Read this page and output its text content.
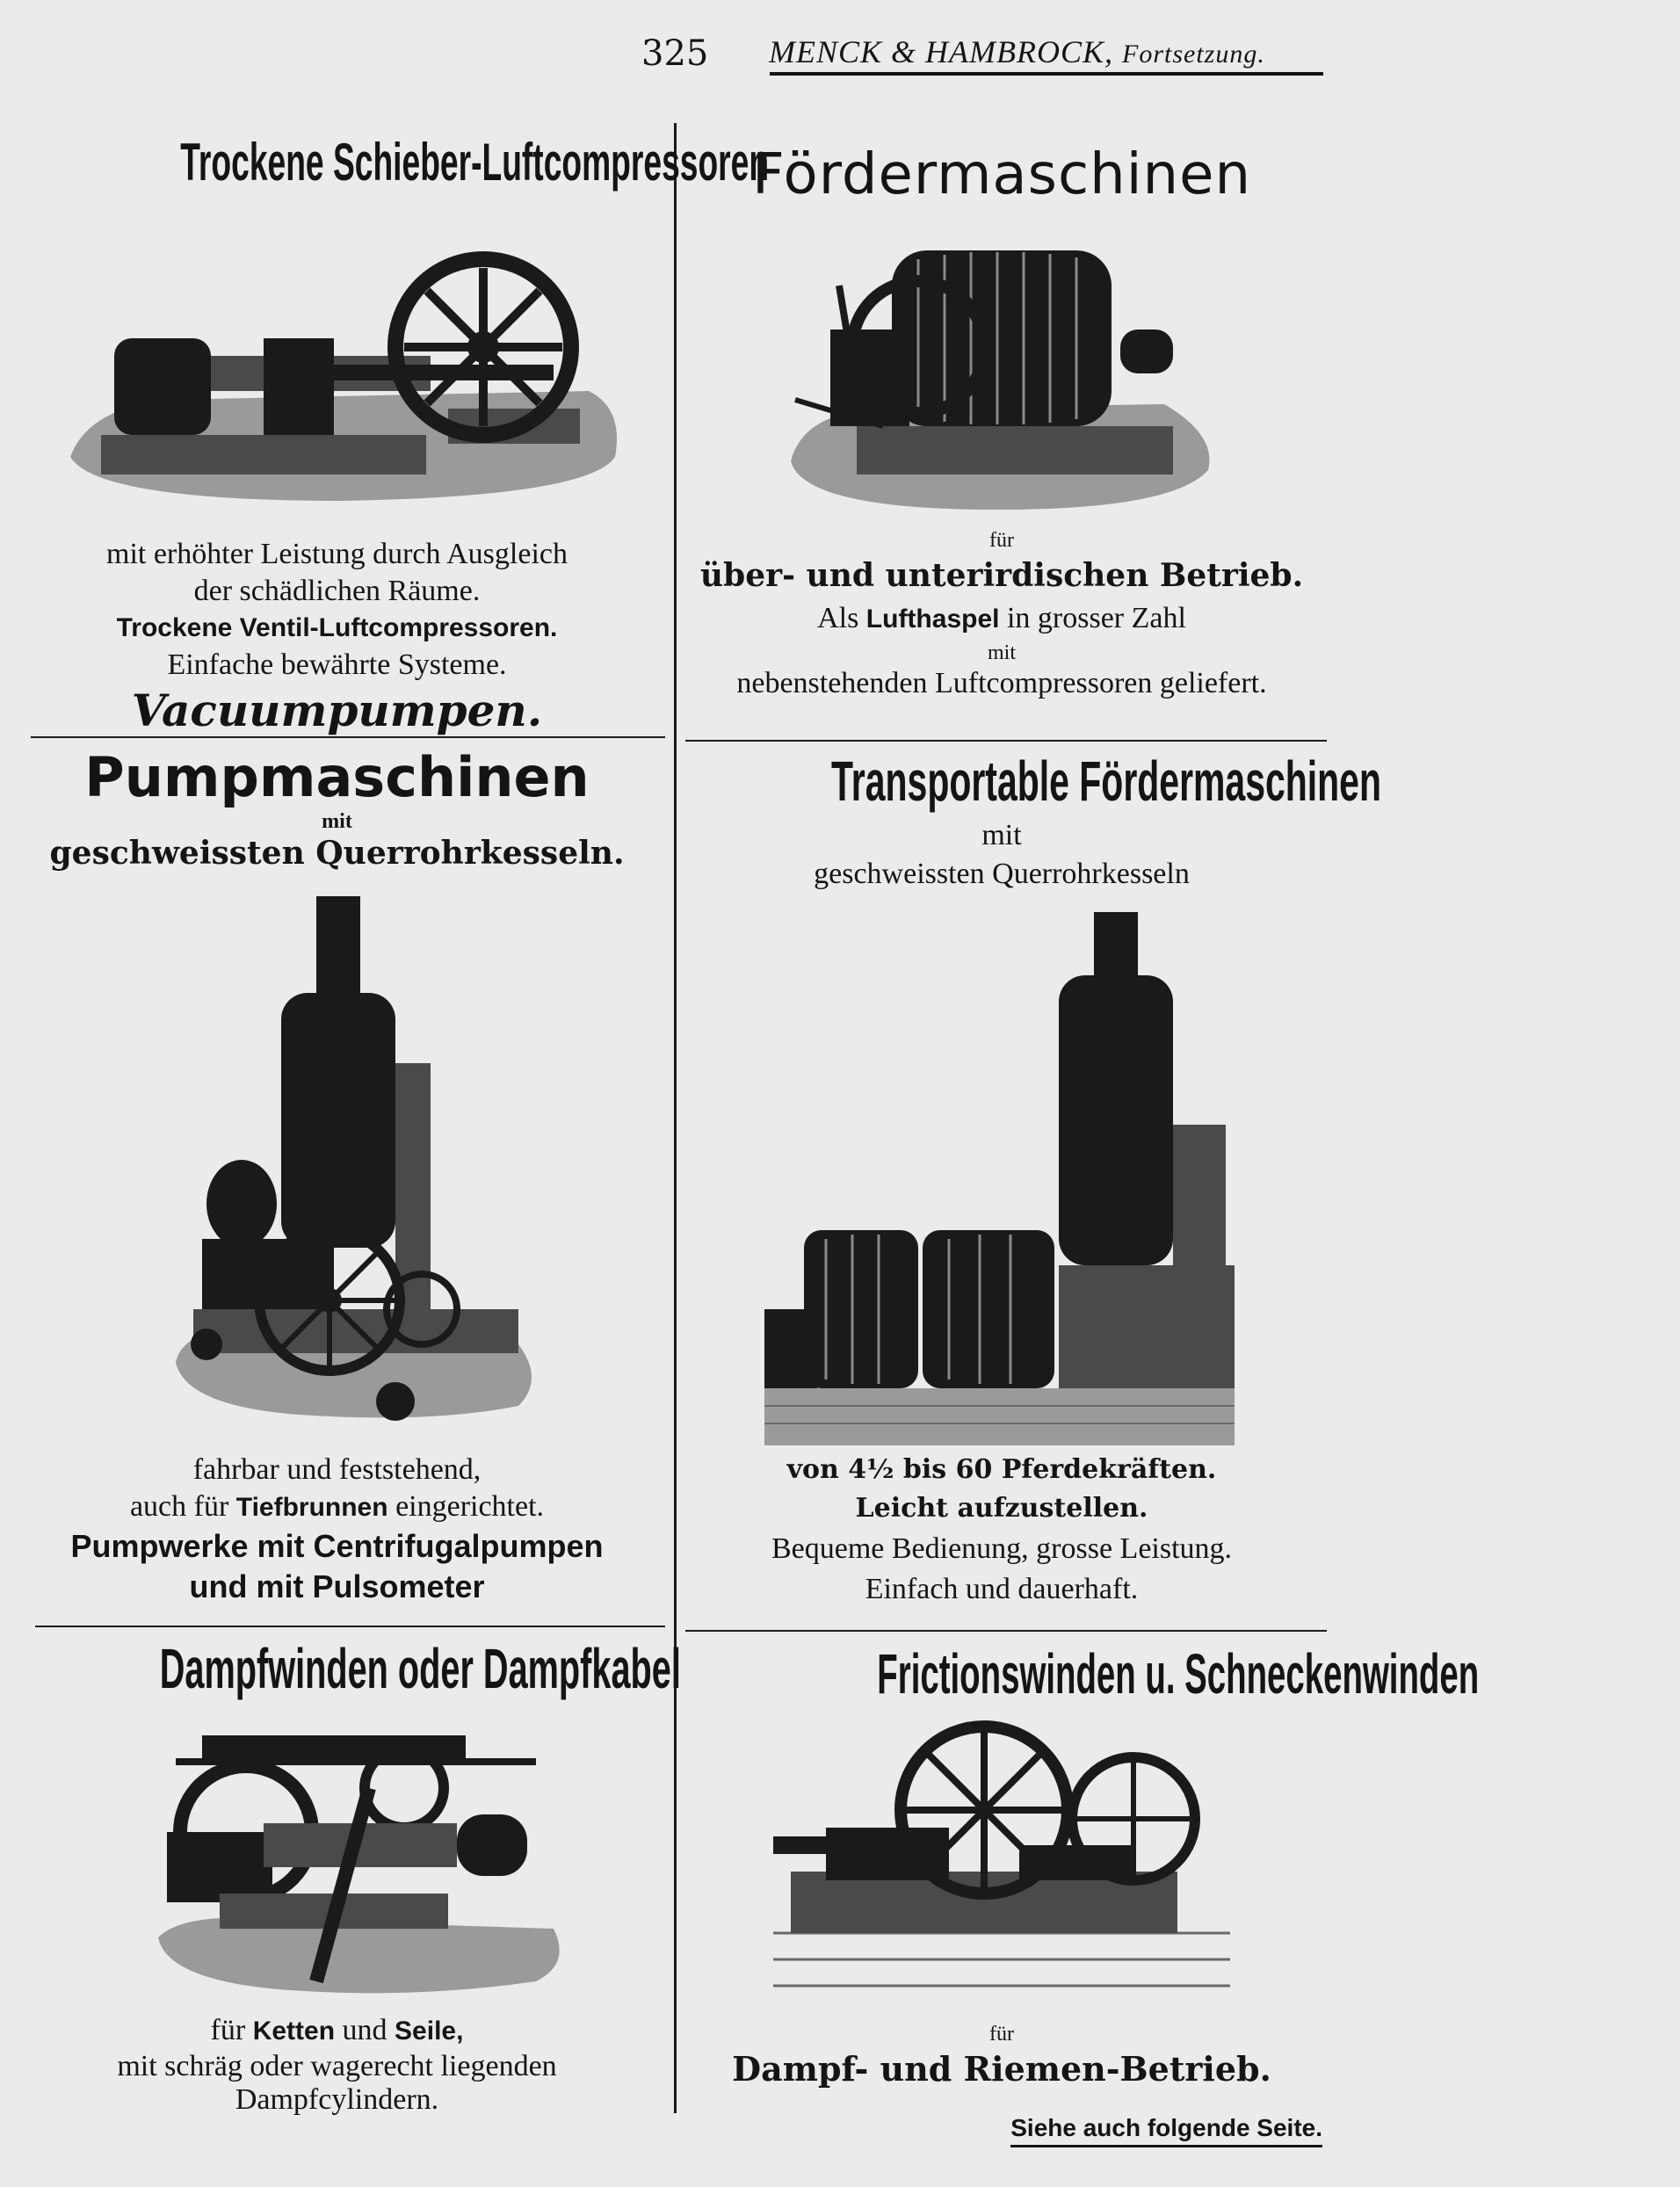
325 MENCK & HAMBROCK, Fortsetzung.
Trockene Schieber-Luftcompressoren
mit erhöhter Leistung durch Ausgleich
der schädlichen Räume.
Trockene Ventil-Luftcompressoren.
Einfache bewährte Systeme.
Vacuumpumpen.
Fördermaschinen
für
über- und unterirdischen Betrieb.
Als Lufthaspel in grosser Zahl
mit
nebenstehenden Luftcompressoren geliefert.
Pumpmaschinen
mit
geschweissten Querrohrkesseln.
fahrbar und feststehend,
auch für Tiefbrunnen eingerichtet.
Pumpwerke mit Centrifugalpumpen
und mit Pulsometer
Transportable Fördermaschinen
mit
geschweissten Querrohrkesseln
von 4½ bis 60 Pferdekräften.
Leicht aufzustellen.
Bequeme Bedienung, grosse Leistung.
Einfach und dauerhaft.
Dampfwinden oder Dampfkabel
für Ketten und Seile,
mit schräg oder wagerecht liegenden
Dampfcylindern.
Frictionswinden u. Schneckenwinden
für
Dampf- und Riemen-Betrieb.
Siehe auch folgende Seite.
